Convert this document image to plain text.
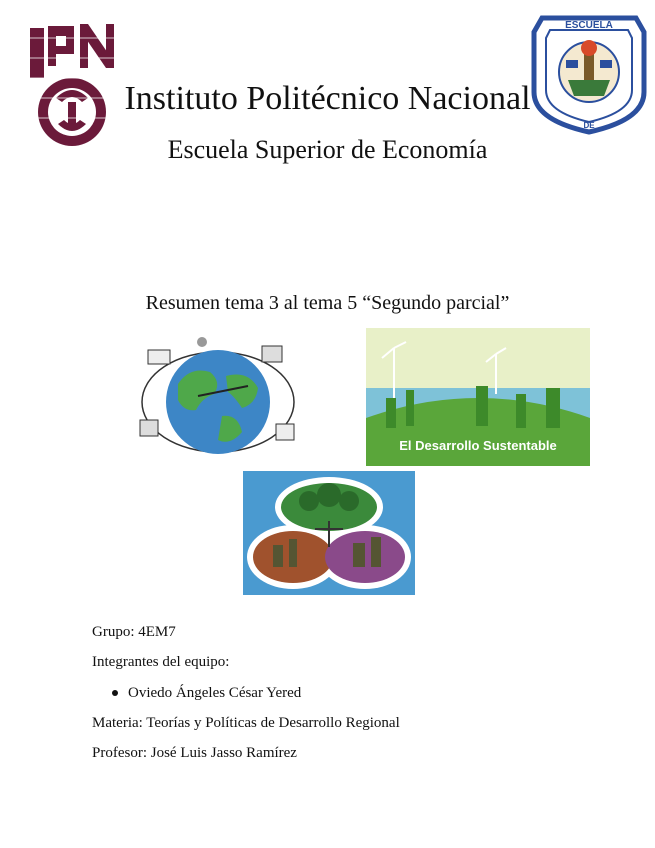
ESCUELA
DE
Instituto Politécnico Nacional
Escuela Superior de Economía
Resumen tema 3 al tema 5 “Segundo parcial”
El Desarrollo Sustentable
Grupo: 4EM7
Integrantes del equipo:
Oviedo Ángeles César Yered
Materia: Teorías y Políticas de Desarrollo Regional
Profesor: José Luis Jasso Ramírez
